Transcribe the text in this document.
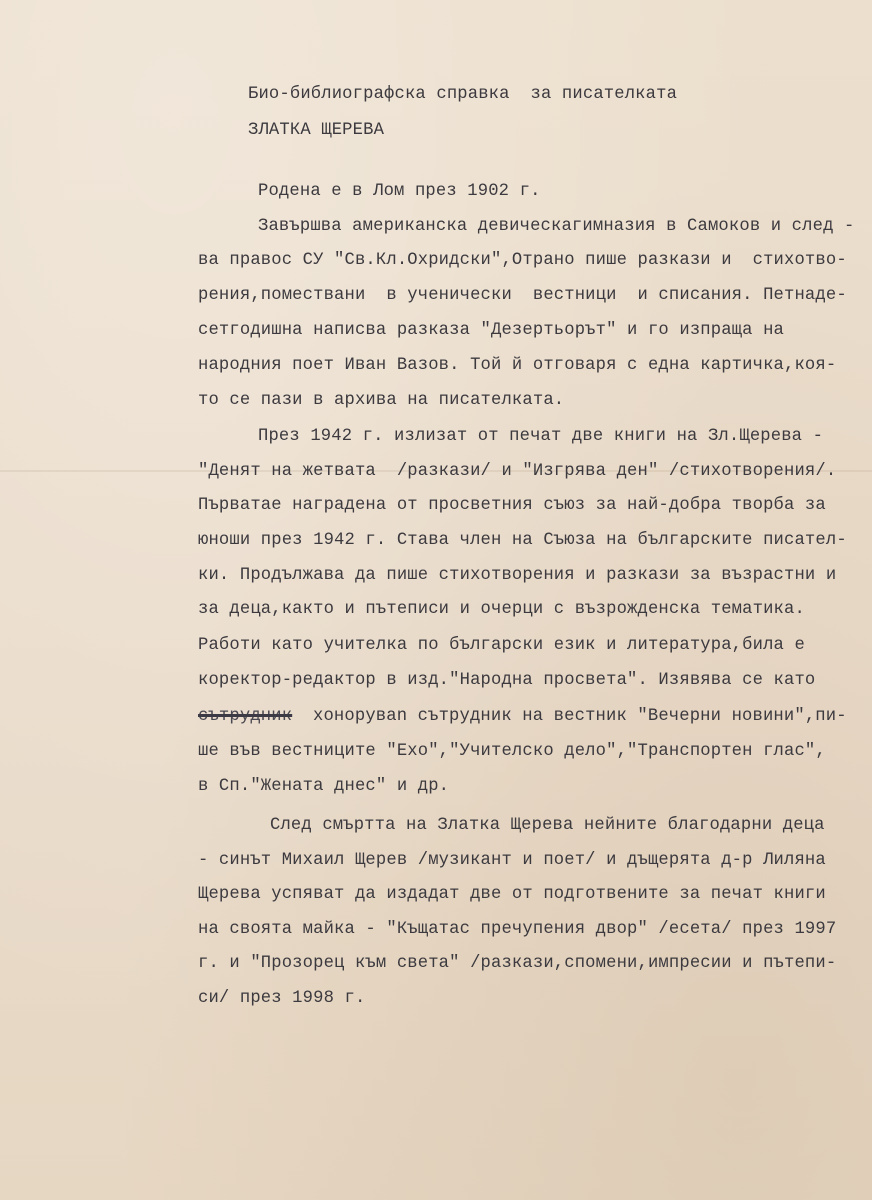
Био-библиографска справка  за писателката
ЗЛАТКА ЩЕРЕВА
Родена е в Лом през 1902 г.
Завършва американска девическагимназия в Самоков и след -
ва правос СУ "Св.Кл.Охридски",Отрано пише разкази и  стихотво-
рения,помествани  в ученически  вестници  и списания. Петнаде-
сетгодишна написва разказа "Дезертьорът" и го изпраща на
народния поет Иван Вазов. Той й отговаря с една картичка,коя-
то се пази в архива на писателката.
През 1942 г. излизат от печат две книги на Зл.Щерева -
"Денят на жетвата  /разкази/ и "Изгрява ден" /стихотворения/.
Първатае наградена от просветния съюз за най-добра творба за
юноши през 1942 г. Става член на Съюза на българските писател-
ки. Продължава да пише стихотворения и разкази за възрастни и
за деца,както и пътеписи и очерци с възрожденска тематика.
Работи като учителка по български език и литература,била е
коректор-редактор в изд."Народна просвета". Изявява се като
сътрудник хонорувan сътрудник на вестник "Вечерни новини",пи-
ше във вестниците "Ехо","Учителско дело","Транспортен глас",
в Сп."Жената днес" и др.
След смъртта на Златка Щерева нейните благодарни деца
- синът Михаил Щерев /музикант и поет/ и дъщерята д-р Лиляна
Щерева успяват да издадат две от подготвените за печат книги
на своята майка - "Къщатас пречупения двор" /есета/ през 1997
г. и "Прозорец към света" /разкази,спомени,импресии и пътепи-
си/ през 1998 г.
